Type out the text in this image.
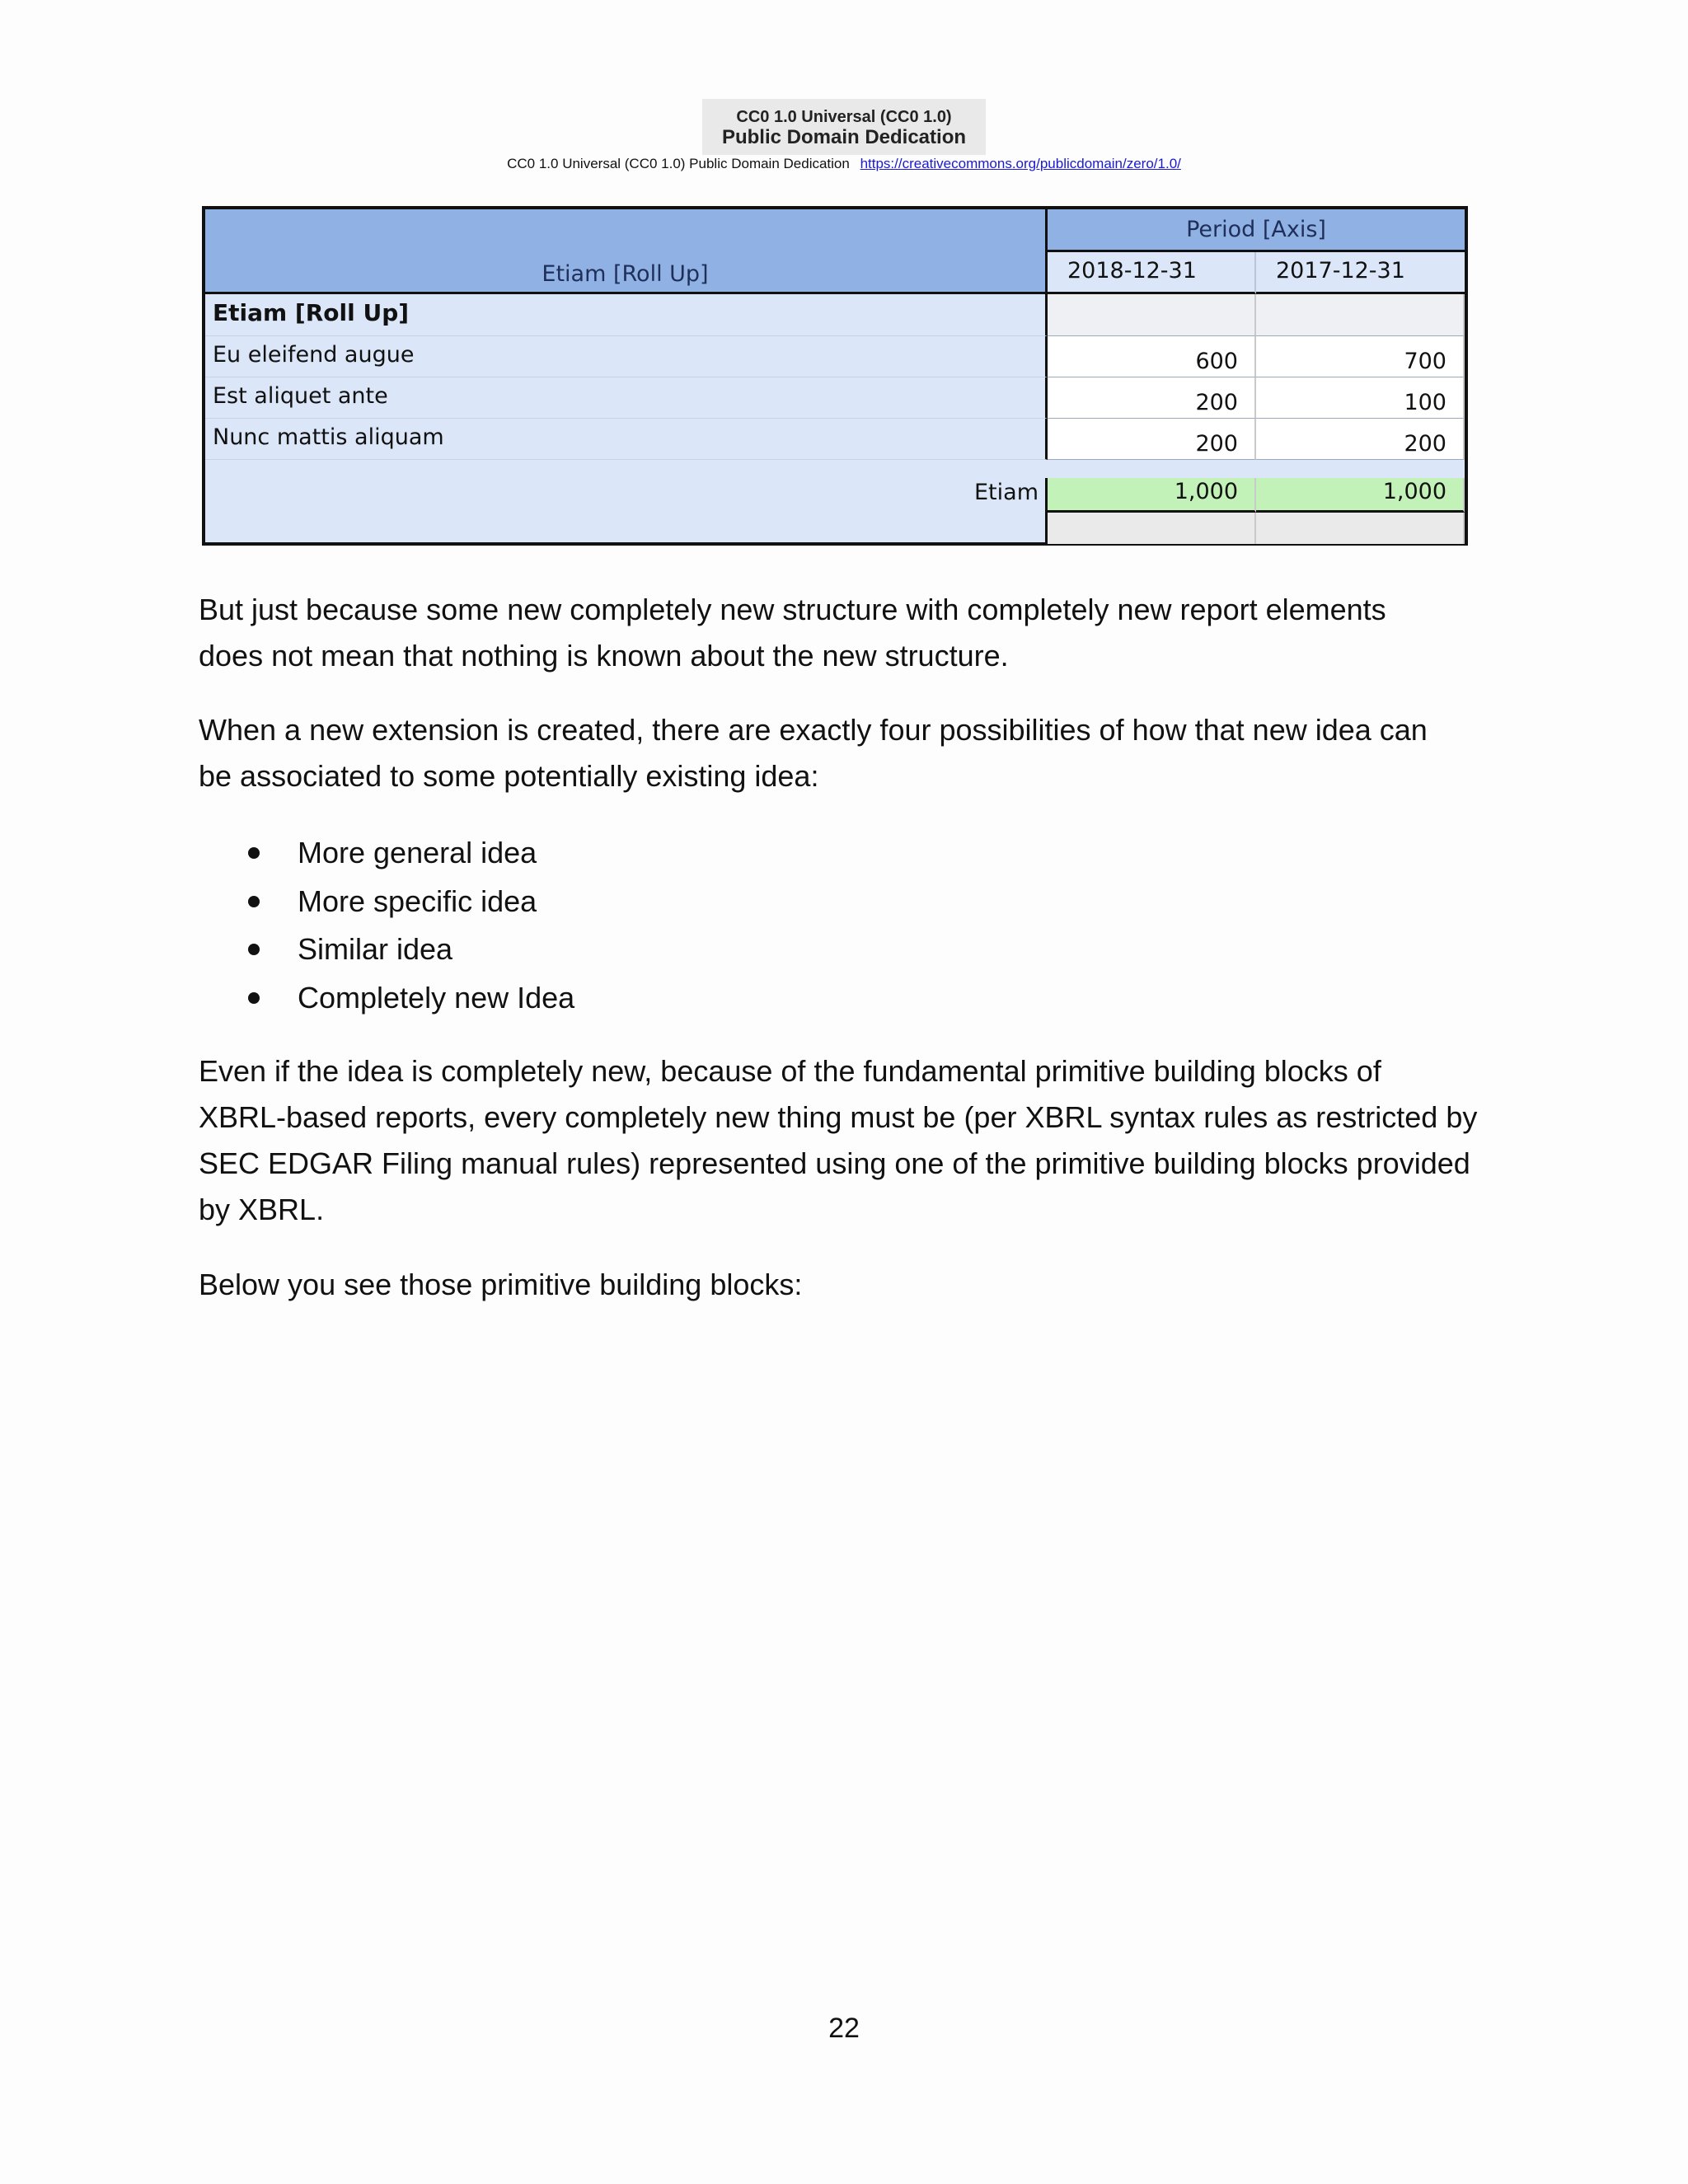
CC0 1.0 Universal (CC0 1.0)
Public Domain Dedication
CC0 1.0 Universal (CC0 1.0) Public Domain Dedication https://creativecommons.org/publicdomain/zero/1.0/
Etiam [Roll Up]
Period [Axis]
2018-12-31	2017-12-31
Etiam [Roll Up]
Eu eleifend augue	600	700
Est aliquet ante	200	100
Nunc mattis aliquam	200	200
Etiam	1,000	1,000
But just because some new completely new structure with completely new report elements
does not mean that nothing is known about the new structure.
When a new extension is created, there are exactly four possibilities of how that new idea can
be associated to some potentially existing idea:
More general idea
More specific idea
Similar idea
Completely new Idea
Even if the idea is completely new, because of the fundamental primitive building blocks of
XBRL-based reports, every completely new thing must be (per XBRL syntax rules as restricted by
SEC EDGAR Filing manual rules) represented using one of the primitive building blocks provided
by XBRL.
Below you see those primitive building blocks:
22
